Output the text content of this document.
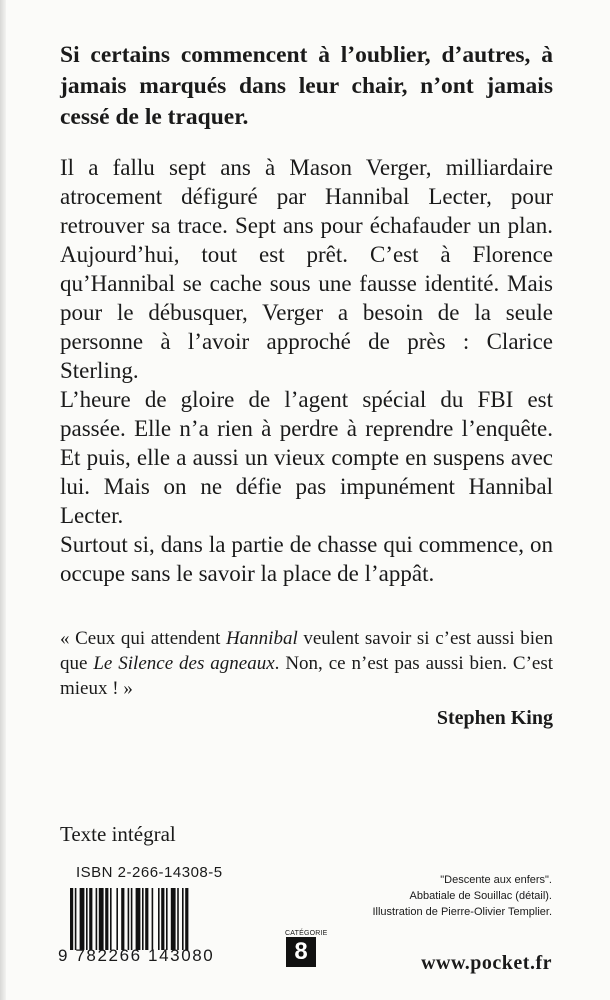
Si certains commencent à l’oublier, d’autres, à jamais marqués dans leur chair, n’ont jamais cessé de le traquer.

Il a fallu sept ans à Mason Verger, milliardaire atrocement défiguré par Hannibal Lecter, pour retrouver sa trace. Sept ans pour échafauder un plan. Aujourd’hui, tout est prêt. C’est à Florence qu’Hannibal se cache sous une fausse identité. Mais pour le débusquer, Verger a besoin de la seule personne à l’avoir approché de près : Clarice Sterling.

L’heure de gloire de l’agent spécial du FBI est passée. Elle n’a rien à perdre à reprendre l’enquête. Et puis, elle a aussi un vieux compte en suspens avec lui. Mais on ne défie pas impunément Hannibal Lecter.

Surtout si, dans la partie de chasse qui commence, on occupe sans le savoir la place de l’appât.

« Ceux qui attendent Hannibal veulent savoir si c’est aussi bien que Le Silence des agneaux. Non, ce n’est pas aussi bien. C’est mieux ! »
Stephen King
Texte intégral
ISBN 2-266-14308-5
9 782266 143080
CATÉGORIE
8
"Descente aux enfers".
Abbatiale de Souillac (détail).
Illustration de Pierre-Olivier Templier.
www.pocket.fr
